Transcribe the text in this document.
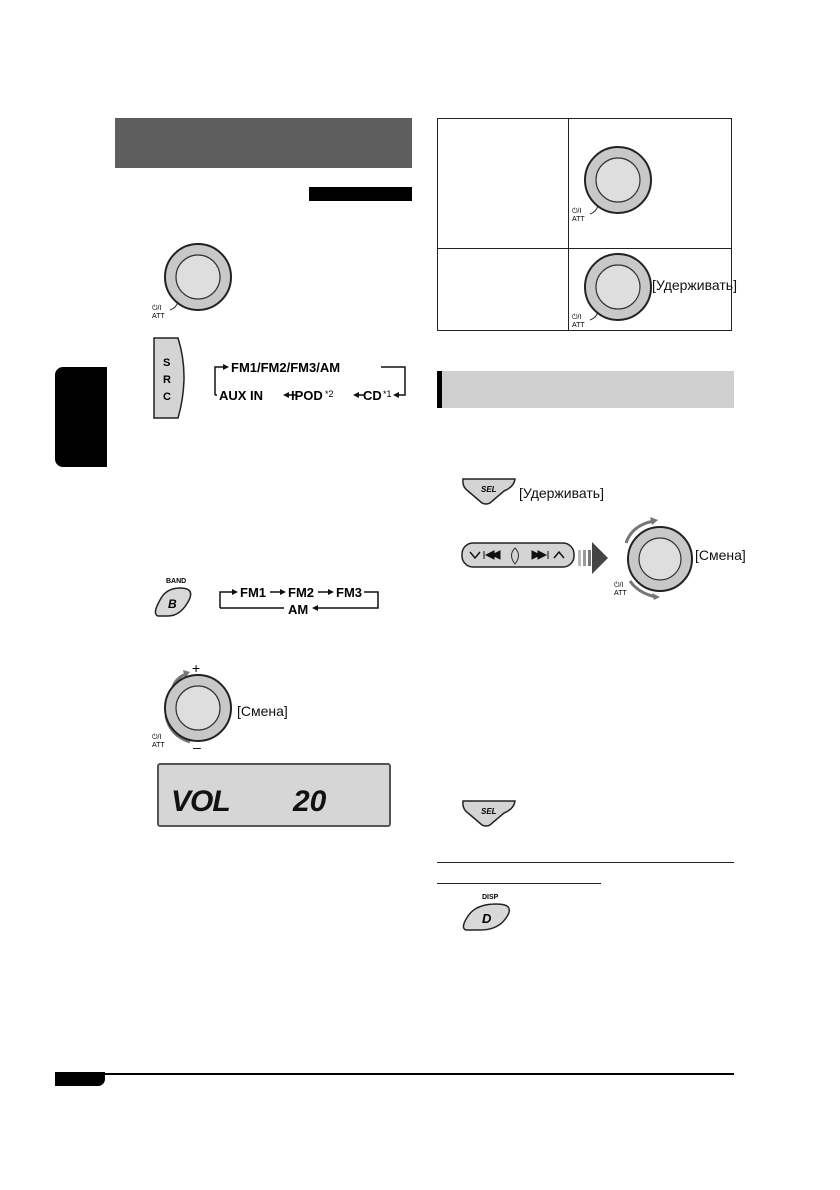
⏻/I
ATT
S
R
C
FM1/FM2/FM3/AM
AUX IN IPOD *2 CD *1
BAND
B
FM1 FM2 FM3
AM
+
–
⏻/I
ATT
[Смена]
VOL 20
⏻/I
ATT
⏻/I
ATT
[Удерживать]
SEL [Удерживать]
⏻/I
ATT
[Смена]
SEL
DISP
D
